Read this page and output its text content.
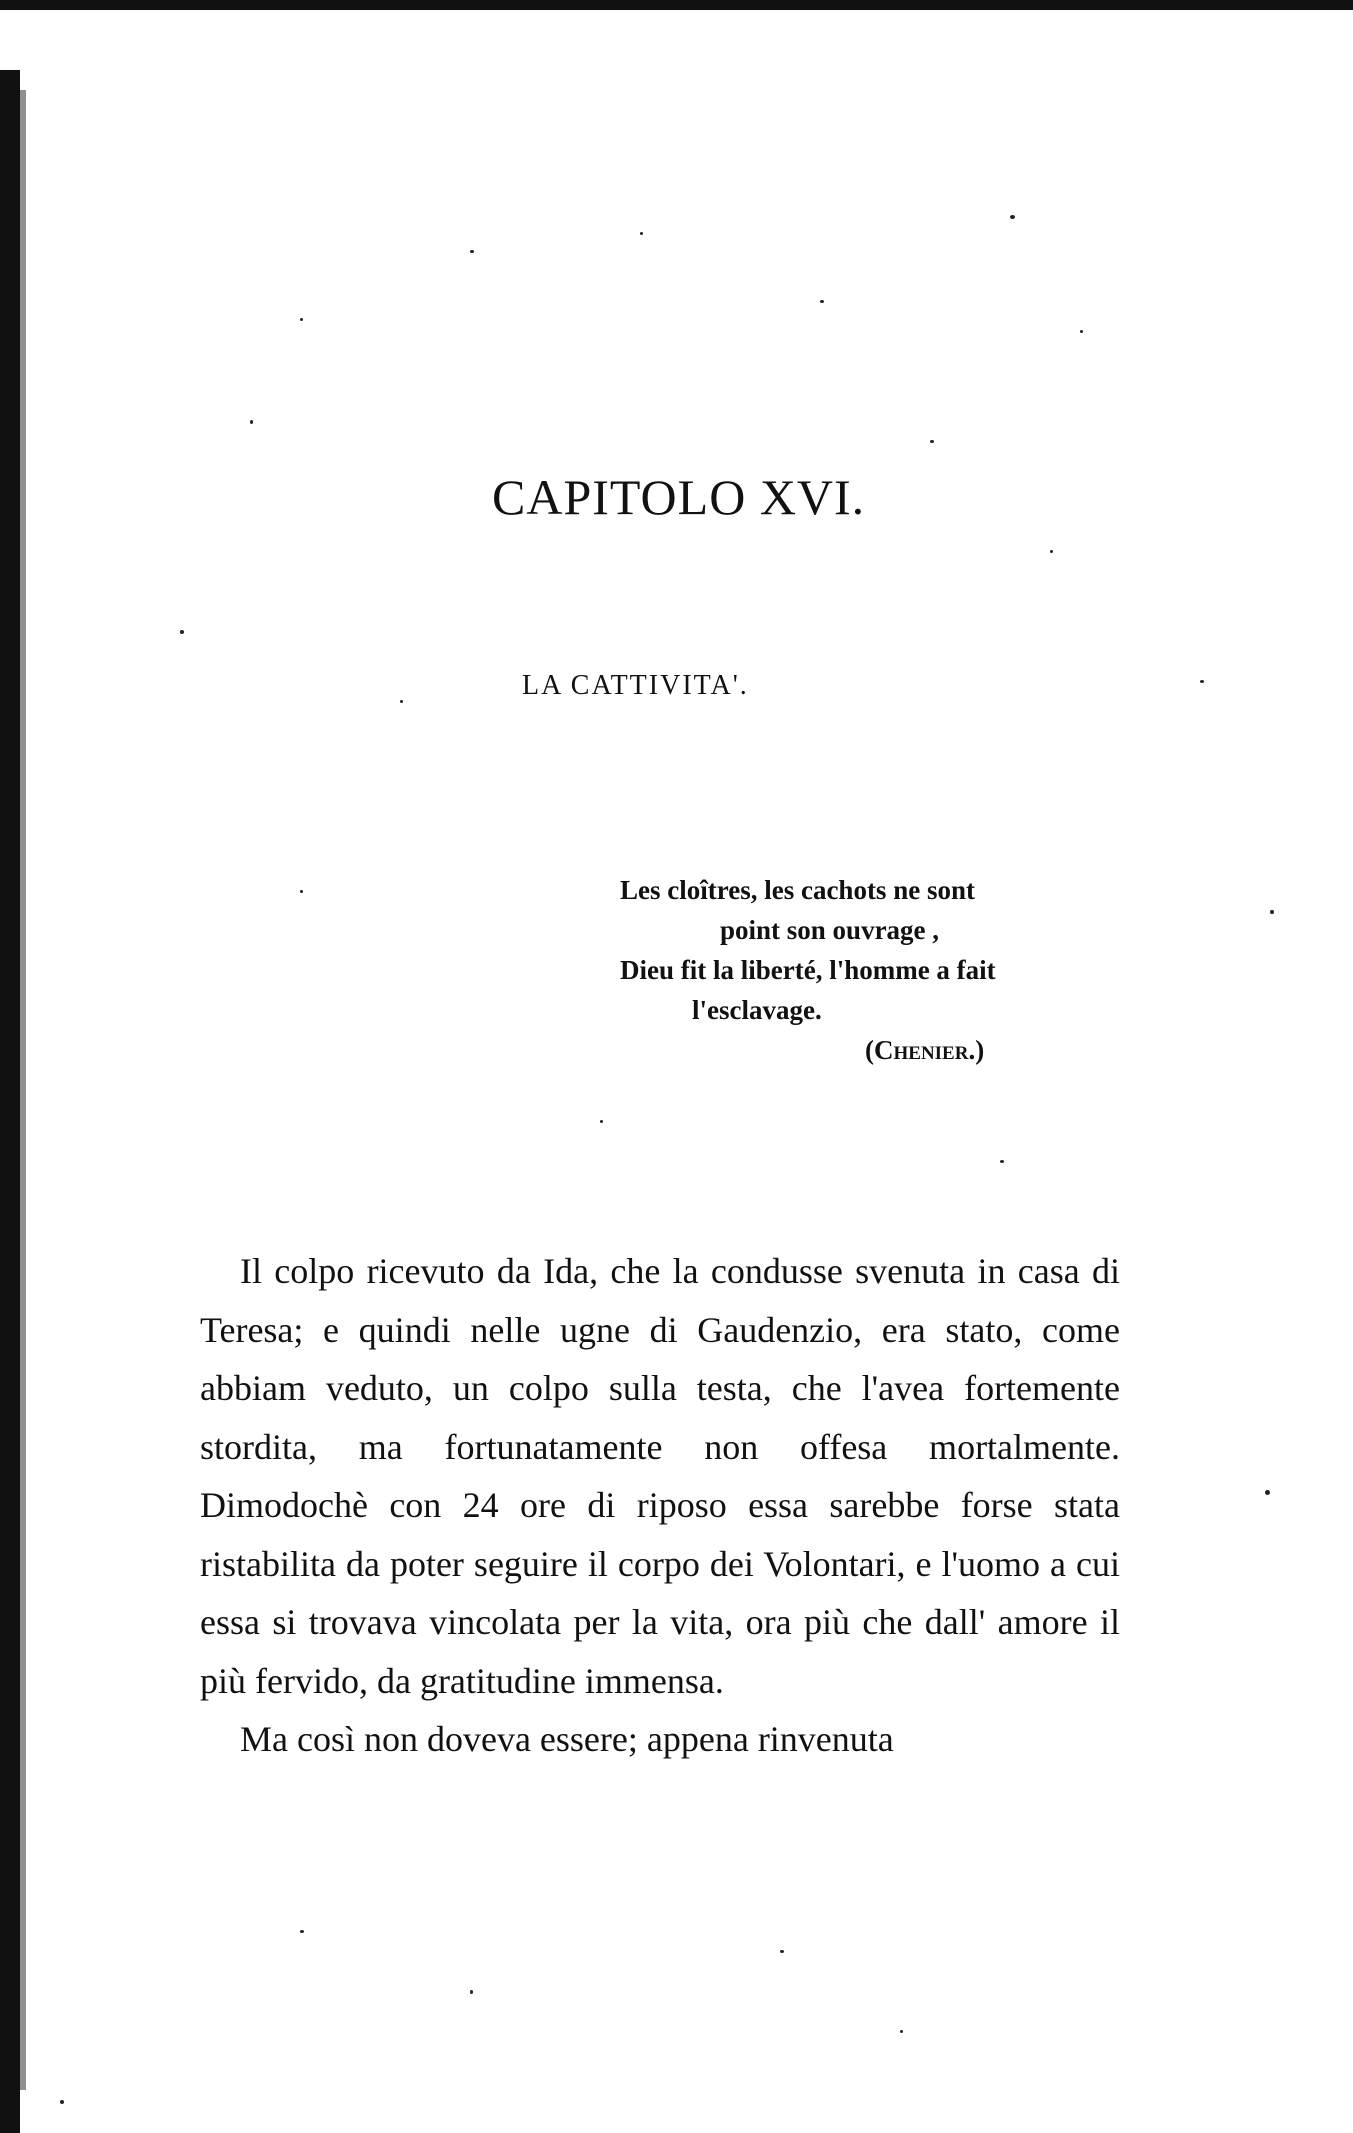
CAPITOLO XVI.
LA CATTIVITA'.
Les cloîtres, les cachots ne sont
point son ouvrage ,
Dieu fit la liberté, l'homme a fait
l'esclavage.
(Chenier.)

Il colpo ricevuto da Ida, che la condusse svenuta in casa di Teresa; e quindi nelle ugne di Gaudenzio, era stato, come abbiam veduto, un colpo sulla testa, che l'avea fortemente stordita, ma fortunatamente non offesa mortalmente. Dimodochè con 24 ore di riposo essa sarebbe forse stata ristabilita da poter seguire il corpo dei Volontari, e l'uomo a cui essa si trovava vincolata per la vita, ora più che dall' amore il più fervido, da gratitudine immensa.

Ma così non doveva essere; appena rinvenuta
